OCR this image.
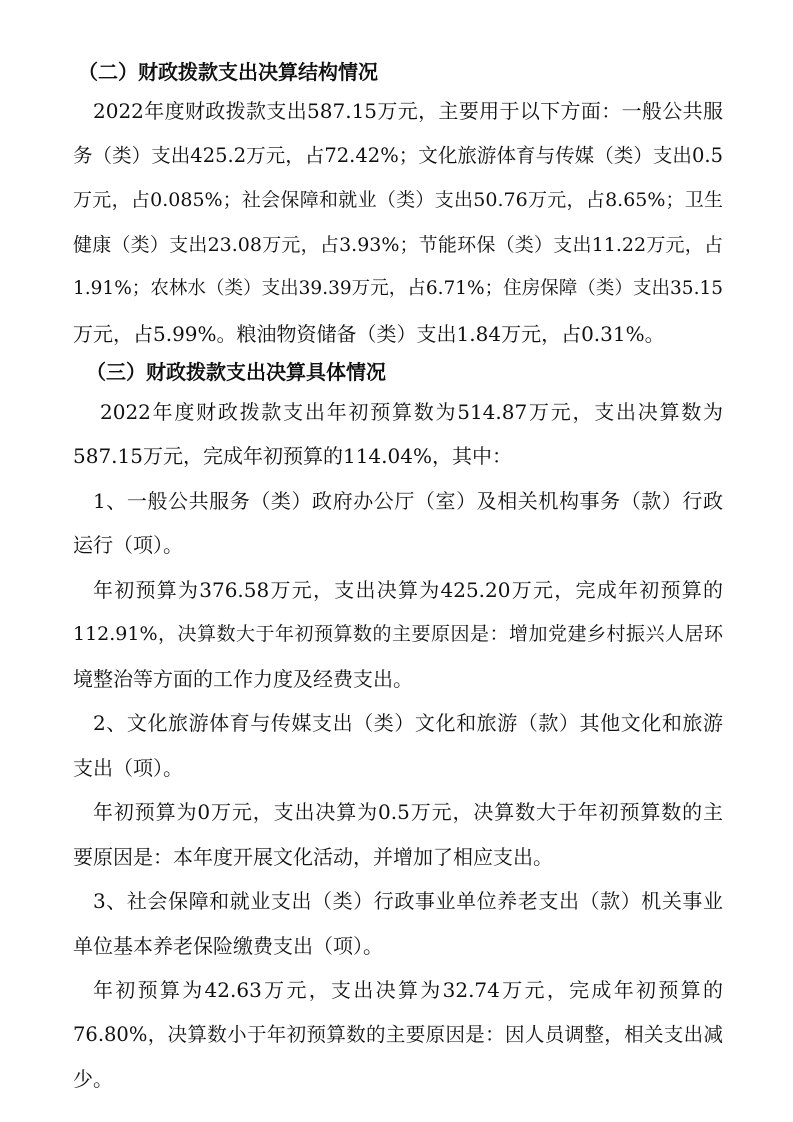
（二）财政拨款支出决算结构情况
2022年度财政拨款支出587.15万元，主要用于以下方面：一般公共服
务（类）支出425.2万元，占72.42%；文化旅游体育与传媒（类）支出0.5
万元，占0.085%；社会保障和就业（类）支出50.76万元，占8.65%；卫生
健康（类）支出23.08万元，占3.93%；节能环保（类）支出11.22万元，占
1.91%；农林水（类）支出39.39万元，占6.71%；住房保障（类）支出35.15
万元，占5.99%。粮油物资储备（类）支出1.84万元，占0.31%。
（三）财政拨款支出决算具体情况
2022年度财政拨款支出年初预算数为514.87万元，支出决算数为
587.15万元，完成年初预算的114.04%，其中：
1、一般公共服务（类）政府办公厅（室）及相关机构事务（款）行政
运行（项）。
年初预算为376.58万元，支出决算为425.20万元，完成年初预算的
112.91%，决算数大于年初预算数的主要原因是：增加党建乡村振兴人居环
境整治等方面的工作力度及经费支出。
2、文化旅游体育与传媒支出（类）文化和旅游（款）其他文化和旅游
支出（项）。
年初预算为0万元，支出决算为0.5万元，决算数大于年初预算数的主
要原因是：本年度开展文化活动，并增加了相应支出。
3、社会保障和就业支出（类）行政事业单位养老支出（款）机关事业
单位基本养老保险缴费支出（项）。
年初预算为42.63万元，支出决算为32.74万元，完成年初预算的
76.80%，决算数小于年初预算数的主要原因是：因人员调整，相关支出减
少。
